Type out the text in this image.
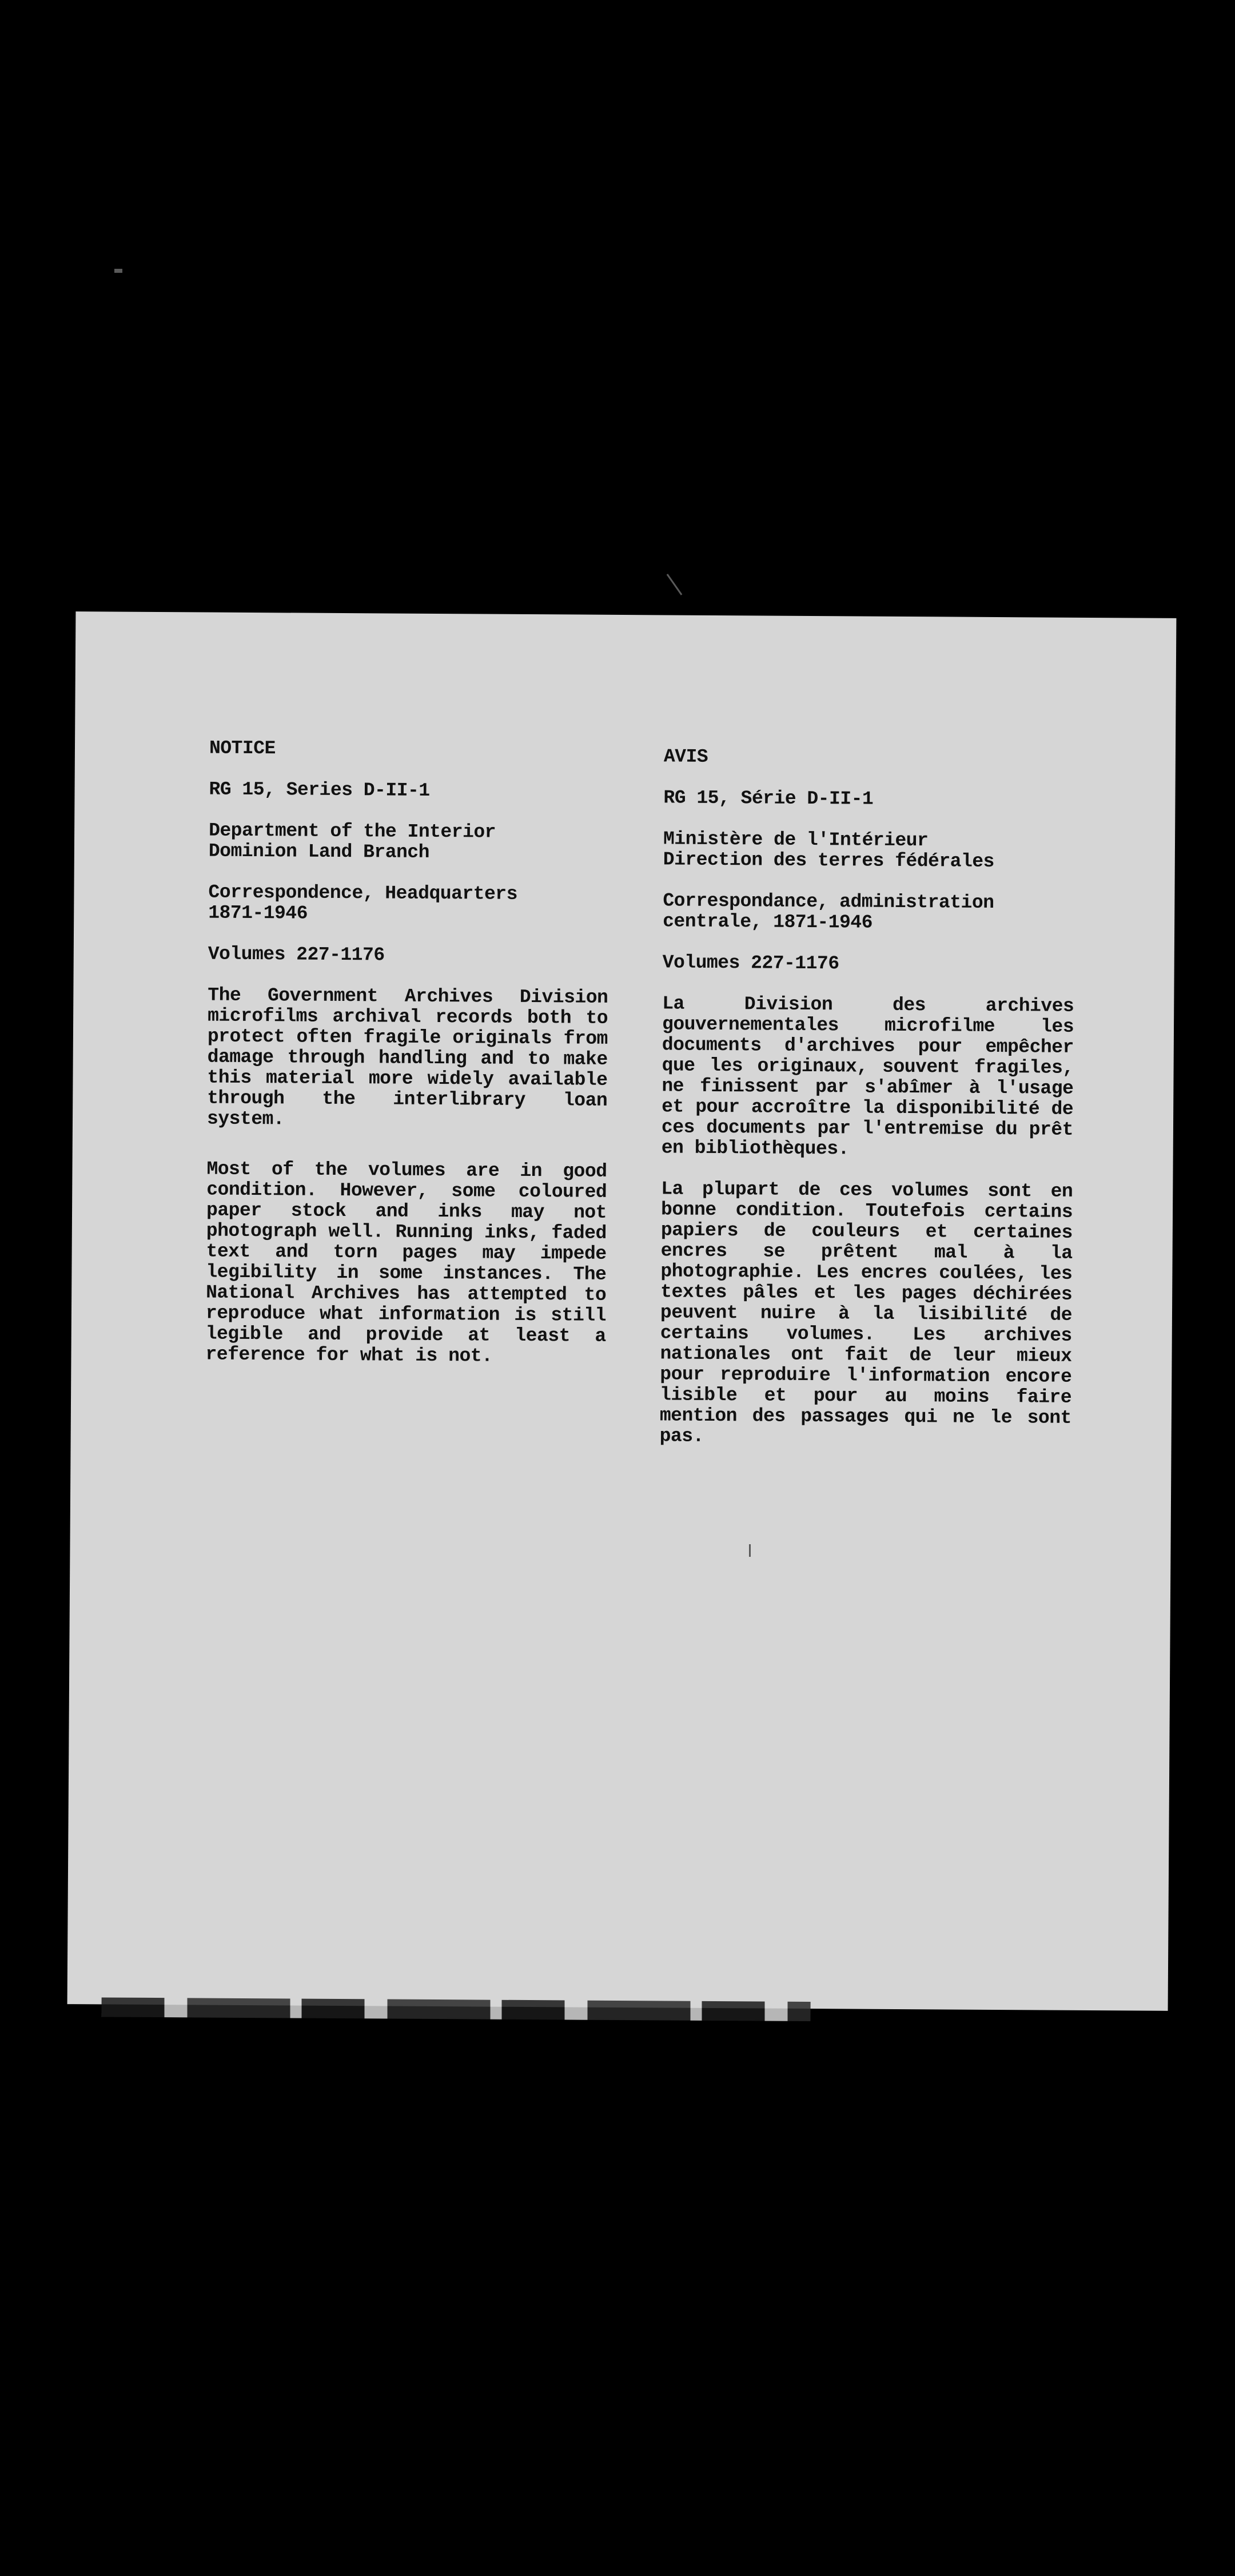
NOTICE

RG 15, Series D-II-1

Department of the Interior
Dominion Land Branch

Correspondence, Headquarters
1871-1946

Volumes 227-1176

The Government Archives Division microfilms archival records both to protect often fragile originals from damage through handling and to make this material more widely available through the interlibrary loan system.

Most of the volumes are in good condition. However, some coloured paper stock and inks may not photograph well. Running inks, faded text and torn pages may impede legibility in some instances. The National Archives has attempted to reproduce what information is still legible and provide at least a reference for what is not.

AVIS

RG 15, Série D-II-1

Ministère de l'Intérieur
Direction des terres fédérales

Correspondance, administration
centrale, 1871-1946

Volumes 227-1176

La Division des archives gouvernementales microfilme les documents d'archives pour empêcher que les originaux, souvent fragiles, ne finissent par s'abîmer à l'usage et pour accroître la disponibilité de ces documents par l'entremise du prêt en bibliothèques.

La plupart de ces volumes sont en bonne condition. Toutefois certains papiers de couleurs et certaines encres se prêtent mal à la photographie. Les encres coulées, les textes pâles et les pages déchirées peuvent nuire à la lisibilité de certains volumes. Les archives nationales ont fait de leur mieux pour reproduire l'information encore lisible et pour au moins faire mention des passages qui ne le sont pas.
